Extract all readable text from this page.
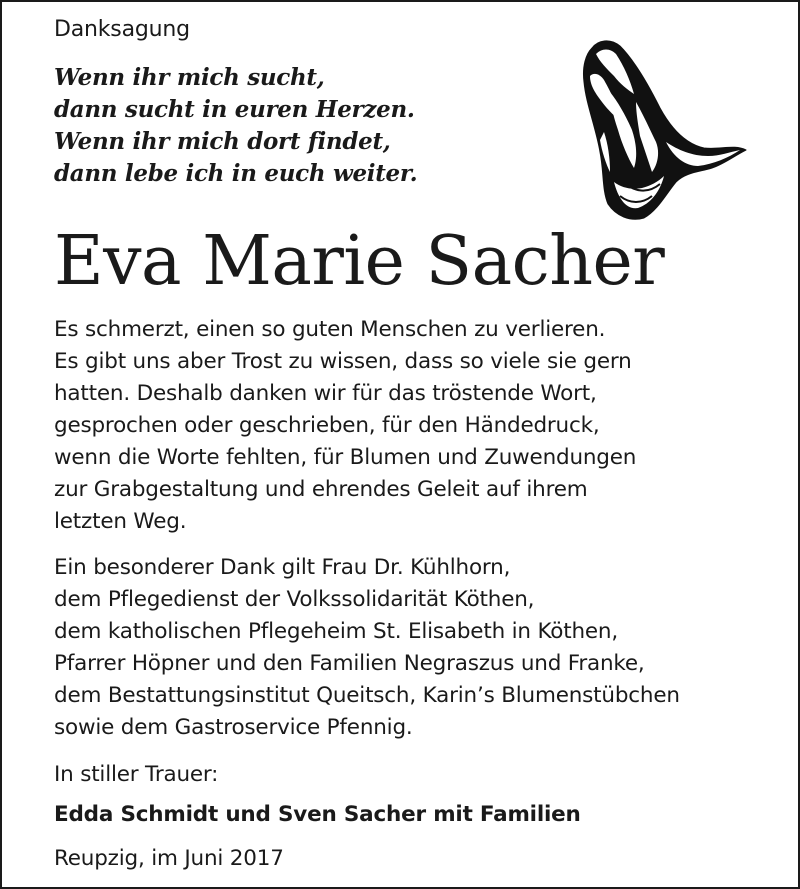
Danksagung
Wenn ihr mich sucht,
dann sucht in euren Herzen.
Wenn ihr mich dort findet,
dann lebe ich in euch weiter.
Eva Marie Sacher
Es schmerzt, einen so guten Menschen zu verlieren.
Es gibt uns aber Trost zu wissen, dass so viele sie gern
hatten. Deshalb danken wir für das tröstende Wort,
gesprochen oder geschrieben, für den Händedruck,
wenn die Worte fehlten, für Blumen und Zuwendungen
zur Grabgestaltung und ehrendes Geleit auf ihrem
letzten Weg.
Ein besonderer Dank gilt Frau Dr. Kühlhorn,
dem Pflegedienst der Volkssolidarität Köthen,
dem katholischen Pflegeheim St. Elisabeth in Köthen,
Pfarrer Höpner und den Familien Negraszus und Franke,
dem Bestattungsinstitut Queitsch, Karin’s Blumenstübchen
sowie dem Gastroservice Pfennig.
In stiller Trauer:
Edda Schmidt und Sven Sacher mit Familien
Reupzig, im Juni 2017
